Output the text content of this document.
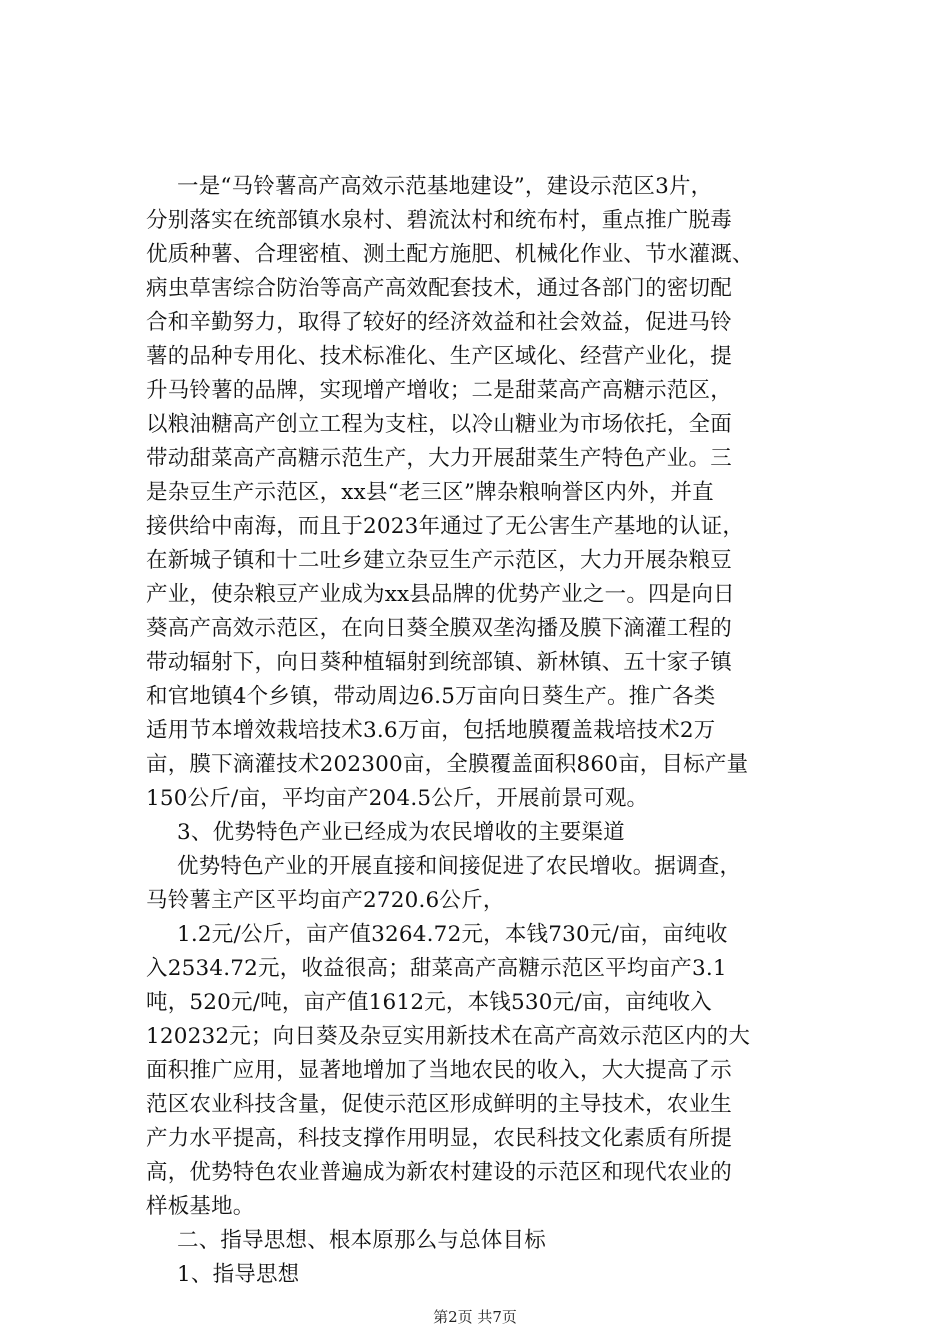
一是“马铃薯高产高效示范基地建设”，建设示范区3片，
分别落实在统部镇水泉村、碧流汰村和统布村，重点推广脱毒
优质种薯、合理密植、测土配方施肥、机械化作业、节水灌溉、
病虫草害综合防治等高产高效配套技术，通过各部门的密切配
合和辛勤努力，取得了较好的经济效益和社会效益，促进马铃
薯的品种专用化、技术标准化、生产区域化、经营产业化，提
升马铃薯的品牌，实现增产增收；二是甜菜高产高糖示范区，
以粮油糖高产创立工程为支柱，以冷山糖业为市场依托，全面
带动甜菜高产高糖示范生产，大力开展甜菜生产特色产业。三
是杂豆生产示范区，xx县“老三区”牌杂粮响誉区内外，并直
接供给中南海，而且于2023年通过了无公害生产基地的认证，
在新城子镇和十二吐乡建立杂豆生产示范区，大力开展杂粮豆
产业，使杂粮豆产业成为xx县品牌的优势产业之一。四是向日
葵高产高效示范区，在向日葵全膜双垄沟播及膜下滴灌工程的
带动辐射下，向日葵种植辐射到统部镇、新林镇、五十家子镇
和官地镇4个乡镇，带动周边6.5万亩向日葵生产。推广各类
适用节本增效栽培技术3.6万亩，包括地膜覆盖栽培技术2万
亩，膜下滴灌技术202300亩，全膜覆盖面积860亩，目标产量
150公斤/亩，平均亩产204.5公斤，开展前景可观。
3、优势特色产业已经成为农民增收的主要渠道
优势特色产业的开展直接和间接促进了农民增收。据调查，
马铃薯主产区平均亩产2720.6公斤，
1.2元/公斤，亩产值3264.72元，本钱730元/亩，亩纯收
入2534.72元，收益很高；甜菜高产高糖示范区平均亩产3.1
吨，520元/吨，亩产值1612元，本钱530元/亩，亩纯收入
120232元；向日葵及杂豆实用新技术在高产高效示范区内的大
面积推广应用，显著地增加了当地农民的收入，大大提高了示
范区农业科技含量，促使示范区形成鲜明的主导技术，农业生
产力水平提高，科技支撑作用明显，农民科技文化素质有所提
高，优势特色农业普遍成为新农村建设的示范区和现代农业的
样板基地。
二、指导思想、根本原那么与总体目标
1、指导思想
第2页 共7页
